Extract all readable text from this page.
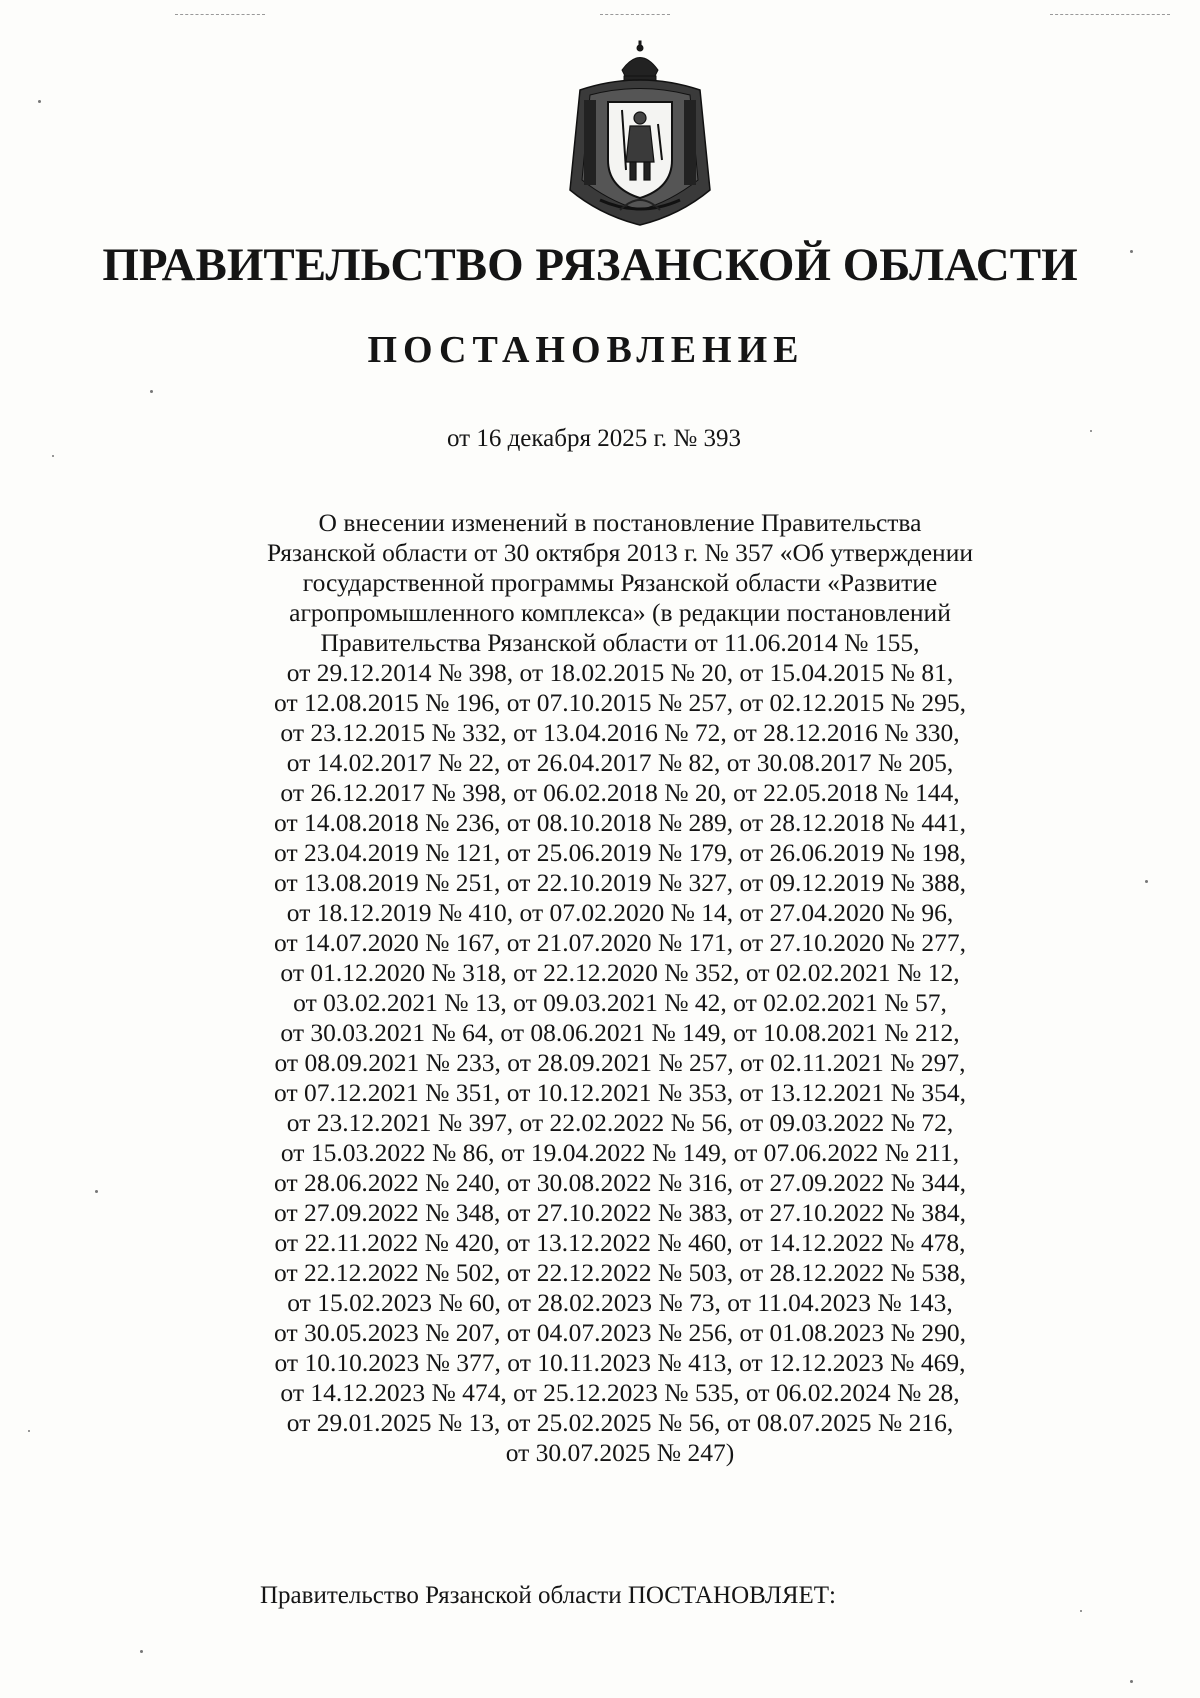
ПРАВИТЕЛЬСТВО РЯЗАНСКОЙ ОБЛАСТИ
ПОСТАНОВЛЕНИЕ
от 16 декабря 2025 г. № 393
О внесении изменений в постановление Правительства
Рязанской области от 30 октября 2013 г. № 357 «Об утверждении
государственной программы Рязанской области «Развитие
агропромышленного комплекса» (в редакции постановлений
Правительства Рязанской области от 11.06.2014 № 155,
от 29.12.2014 № 398, от 18.02.2015 № 20, от 15.04.2015 № 81,
от 12.08.2015 № 196, от 07.10.2015 № 257, от 02.12.2015 № 295,
от 23.12.2015 № 332, от 13.04.2016 № 72, от 28.12.2016 № 330,
от 14.02.2017 № 22, от 26.04.2017 № 82, от 30.08.2017 № 205,
от 26.12.2017 № 398, от 06.02.2018 № 20, от 22.05.2018 № 144,
от 14.08.2018 № 236, от 08.10.2018 № 289, от 28.12.2018 № 441,
от 23.04.2019 № 121, от 25.06.2019 № 179, от 26.06.2019 № 198,
от 13.08.2019 № 251, от 22.10.2019 № 327, от 09.12.2019 № 388,
от 18.12.2019 № 410, от 07.02.2020 № 14, от 27.04.2020 № 96,
от 14.07.2020 № 167, от 21.07.2020 № 171, от 27.10.2020 № 277,
от 01.12.2020 № 318, от 22.12.2020 № 352, от 02.02.2021 № 12,
от 03.02.2021 № 13, от 09.03.2021 № 42, от 02.02.2021 № 57,
от 30.03.2021 № 64, от 08.06.2021 № 149, от 10.08.2021 № 212,
от 08.09.2021 № 233, от 28.09.2021 № 257, от 02.11.2021 № 297,
от 07.12.2021 № 351, от 10.12.2021 № 353, от 13.12.2021 № 354,
от 23.12.2021 № 397, от 22.02.2022 № 56, от 09.03.2022 № 72,
от 15.03.2022 № 86, от 19.04.2022 № 149, от 07.06.2022 № 211,
от 28.06.2022 № 240, от 30.08.2022 № 316, от 27.09.2022 № 344,
от 27.09.2022 № 348, от 27.10.2022 № 383, от 27.10.2022 № 384,
от 22.11.2022 № 420, от 13.12.2022 № 460, от 14.12.2022 № 478,
от 22.12.2022 № 502, от 22.12.2022 № 503, от 28.12.2022 № 538,
от 15.02.2023 № 60, от 28.02.2023 № 73, от 11.04.2023 № 143,
от 30.05.2023 № 207, от 04.07.2023 № 256, от 01.08.2023 № 290,
от 10.10.2023 № 377, от 10.11.2023 № 413, от 12.12.2023 № 469,
от 14.12.2023 № 474, от 25.12.2023 № 535, от 06.02.2024 № 28,
от 29.01.2025 № 13, от 25.02.2025 № 56, от 08.07.2025 № 216,
от 30.07.2025 № 247)
Правительство Рязанской области ПОСТАНОВЛЯЕТ:
